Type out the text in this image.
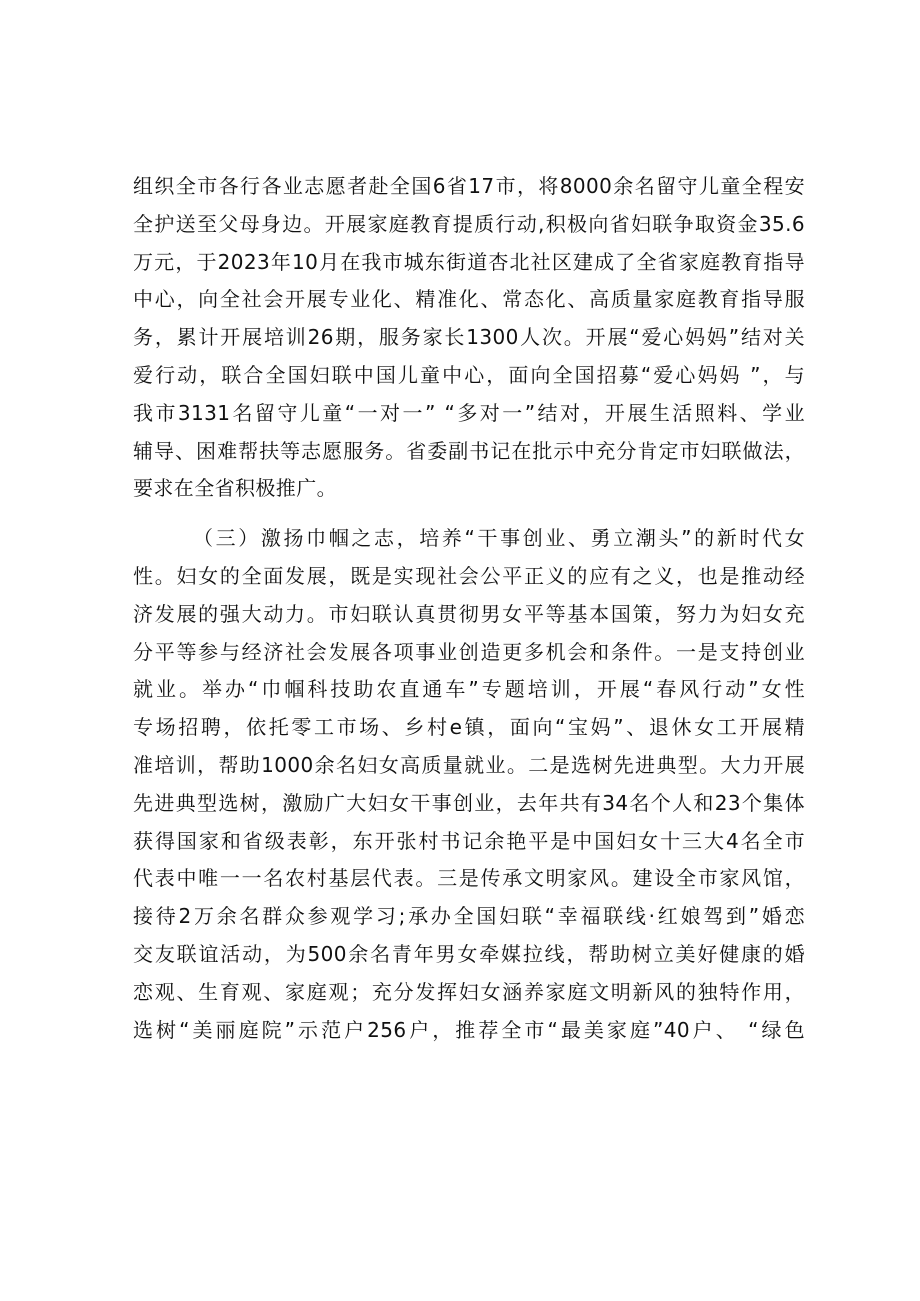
组织全市各行各业志愿者赴全国6省17市，将8000余名留守儿童全程安
全护送至父母身边。开展家庭教育提质行动,积极向省妇联争取资金35.6
万元，于2023年10月在我市城东街道杏北社区建成了全省家庭教育指导
中心，向全社会开展专业化、精准化、常态化、高质量家庭教育指导服
务，累计开展培训26期，服务家长1300人次。开展“爱心妈妈”结对关
爱行动，联合全国妇联中国儿童中心，面向全国招募“爱心妈妈 ”，与
我市3131名留守儿童“一对一” “多对一”结对，开展生活照料、学业
辅导、困难帮扶等志愿服务。省委副书记在批示中充分肯定市妇联做法，
要求在全省积极推广。
（三）激扬巾帼之志，培养“干事创业、勇立潮头”的新时代女
性。妇女的全面发展，既是实现社会公平正义的应有之义，也是推动经
济发展的强大动力。市妇联认真贯彻男女平等基本国策，努力为妇女充
分平等参与经济社会发展各项事业创造更多机会和条件。一是支持创业
就业。举办“巾帼科技助农直通车”专题培训，开展“春风行动”女性
专场招聘，依托零工市场、乡村e镇，面向“宝妈”、退休女工开展精
准培训，帮助1000余名妇女高质量就业。二是选树先进典型。大力开展
先进典型选树，激励广大妇女干事创业，去年共有34名个人和23个集体
获得国家和省级表彰，东开张村书记余艳平是中国妇女十三大4名全市
代表中唯一一名农村基层代表。三是传承文明家风。建设全市家风馆，
接待2万余名群众参观学习;承办全国妇联“幸福联线·红娘驾到”婚恋
交友联谊活动，为500余名青年男女牵媒拉线，帮助树立美好健康的婚
恋观、生育观、家庭观；充分发挥妇女涵养家庭文明新风的独特作用，
选树“美丽庭院”示范户256户，推荐全市“最美家庭”40户、 “绿色
